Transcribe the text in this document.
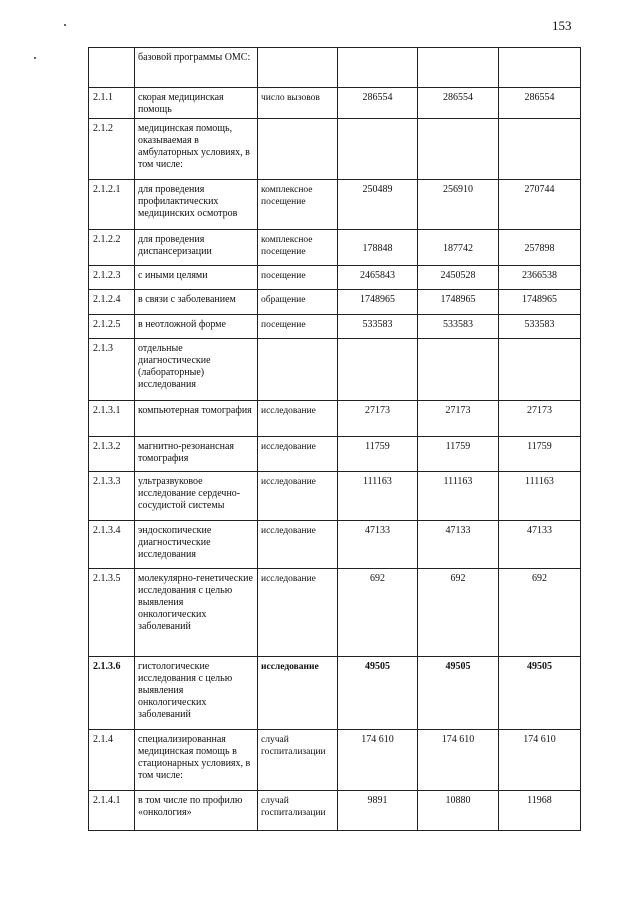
153
	базовой программы ОМС:				
2.1.1	скорая медицинская помощь	число вызовов	286554	286554	286554
2.1.2	медицинская помощь, оказываемая в амбулаторных условиях, в том числе:				
2.1.2.1	для проведения профилактических медицинских осмотров	комплексное посещение	250489	256910	270744
2.1.2.2	для проведения диспансеризации	комплексное посещение	178848	187742	257898
2.1.2.3	с иными целями	посещение	2465843	2450528	2366538
2.1.2.4	в связи с заболеванием	обращение	1748965	1748965	1748965
2.1.2.5	в неотложной форме	посещение	533583	533583	533583
2.1.3	отдельные диагностические (лабораторные) исследования				
2.1.3.1	компьютерная томография	исследование	27173	27173	27173
2.1.3.2	магнитно-резонансная томография	исследование	11759	11759	11759
2.1.3.3	ультразвуковое исследование сердечно-сосудистой системы	исследование	111163	111163	111163
2.1.3.4	эндоскопические диагностические исследования	исследование	47133	47133	47133
2.1.3.5	молекулярно-генетические исследования с целью выявления онкологических заболеваний	исследование	692	692	692
2.1.3.6	гистологические исследования с целью выявления онкологических заболеваний	исследование	49505	49505	49505
2.1.4	специализированная медицинская помощь в стационарных условиях, в том числе:	случай госпитализации	174 610	174 610	174 610
2.1.4.1	в том числе по профилю «онкология»	случай госпитализации	9891	10880	11968
